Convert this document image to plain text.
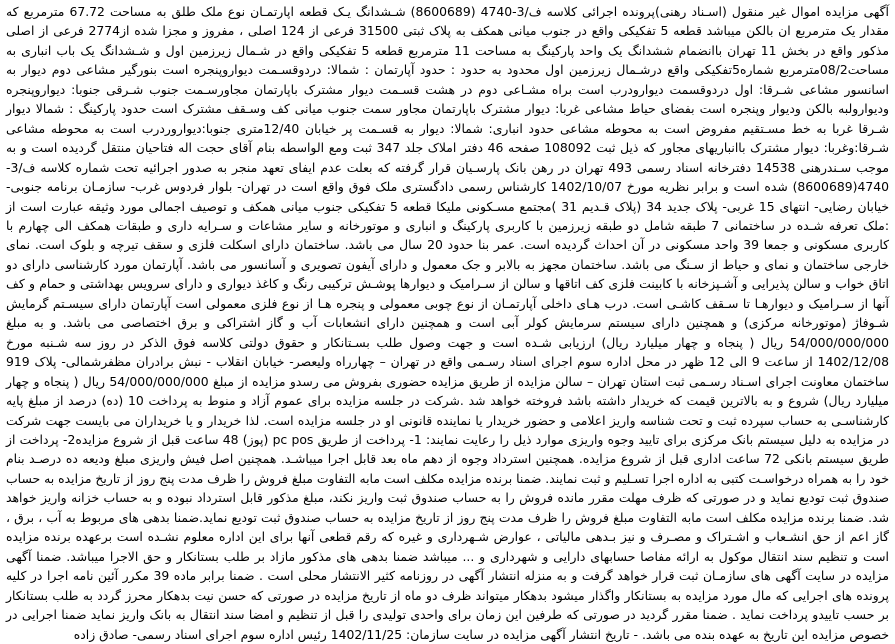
آگهی مزایده اموال غیر منقول (اسـناد رهنی)پرونده اجرائی کلاسه ف/3-4740 (8600689) شـشدانگ یـک قطعه اپارتمـان نوع ملک طلق به مساحت 67.72 مترمربع که مقدار یک مترمربع ان بالکن میباشد قطعه 5 تفکیکی واقع در جنوب میانی همکف به پلاک ثبتی 31500 فرعی از 124 اصلی ، مفروز و مجزا شده از2774 فرعی از اصلی مذکور واقع در بخش 11 تهران باانضمام ششدانگ یک واحد پارکینگ به مساحت 11 مترمربع قطعه 5 تفکیکی واقع در شـمال زیرزمین اول و شـشدانگ یک باب انباری به مساحت08/2مترمربع شماره5تفکیکی واقع درشـمال زیرزمین اول محدود به حدود : حدود آپارتمان : شمالا: دردوقسـمت دیواروپنجره است بنورگیر مشاعی دوم دیوار به اسانسور مشاعی شـرقا: اول دردوقسمت دیوارودرب است براه مشـاعی دوم در هشت قسـمت دیوار مشترک باپارتمان مجاورسـمت جنوب شـرقی جنوبا: دیواروپنجره ودیوارولبه بالکن ودیوار وپنجره است بفضای حیاط مشاعی غربا: دیوار مشترک باپارتمان مجاور سمت جنوب میانی کف وسـقف مشترک است حدود پارکینگ : شمالا دیوار شـرقا غربا به خط مسـتقیم مفروض است به محوطه مشاعی حدود انباری: شمالا: دیوار به قسـمت پر خیابان 12/40متری جنوبا:دیواروردرب است به محوطه مشاعی شـرقا:وغربا: دیوار مشترک باانباریهای مجاور که ذیل ثبت 108092 صفحه 46 دفتر املاک جلد 347 ثبت ومع الواسطه بنام آقای حجت اله فتاحیان منتقل گردیده است و به موجب سـندرهنی 14538 دفترخانه اسناد رسمی 493 تهران در رهن بانک پارسـیان قرار گرفته که بعلت عدم ایفای تعهد منجر به صدور اجرائیه تحت شماره کلاسه ف/3-4740(8600689) شده است و برابر نظریه مورخ 1402/10/07 کارشناس رسمی دادگستری ملک فوق واقع است در تهران- بلوار فردوس غرب- سازمـان برنامه جنوبی- خیابان رضایی- انتهای 15 غربی- پلاک جدید 34 (پلاک قـدیم 31 )مجتمع مسـکونی ملیکا قطعه 5 تفکیکی جنوب میانی همکف و توصیف اجمالی مورد وثیقه عبارت است از :ملک تعرفه شـده در ساختمانی 7 طبقه شامل دو طبقه زیرزمین با کاربری پارکینگ و انباری و موتورخانه و سایر مشاعات و سـرایه داری و طبقات همکف الی چهارم با کاربری مسکونی و جمعا 39 واحد مسکونی در آن احداث گردیده است. عمر بنا حدود 20 سال می باشد. ساختمان دارای اسکلت فلزی و سقف تیرچه و بلوک است. نمای خارجی ساختمان و نمای و حیاط از سـنگ می باشد. ساختمان مجهز به بالابر و جک معمول و دارای آیفون تصویری و آسانسور می باشد. آپارتمان مورد کارشناسی دارای دو اتاق خواب و سالن پذیرایی و آشـپزخانه با کابینت فلزی کف اتاقها و سالن از سـرامیک و دیوارها پوشـش ترکیبی رنگ و کاغذ دیواری و دارای سرویس بهداشتی و حمام و کف آنها از سـرامیک و دیوارهـا تا سـقف کاشـی است. درب هـای داخلی آپارتمـان از نوع چوبی معمولی و پنجره هـا از نوع فلزی معمولی است آپارتمان دارای سیسـتم گرمایش شـوفاژ (موتورخانه مرکزی) و همچنین دارای سیستم سرمایش کولر آبی است و همچنین دارای انشعابات آب و گاز اشتراکی و برق اختصاصی می باشد. و به مبلغ 54/000/000/000 ریال ( پنجاه و چهار میلیارد ریال) ارزیابی شـده است و جهت وصول طلب بسـتانکار و حقوق دولتی کلاسه فوق الذکر در روز سه شـنبه مورخ 1402/12/08 از ساعت 9 الی 12 ظهر در محل اداره سوم اجرای اسناد رسـمی واقع در تهران – چهارراه ولیعصر- خیابان انقلاب - نبش برادران مظفرشمالی- پلاک 919 ساختمان معاونت اجرای اسـناد رسـمی ثبت استان تهران – سالن مزایده از طریق مزایده حضوری بفروش می رسدو مزایده از مبلغ 54/000/000/000 ریال ( پنجاه و چهار میلیارد ریال) شروع و به بالاترین قیمت که خریدار داشته باشد فروخته خواهد شد .شرکت در جلسه مزایده برای عموم آزاد و منوط به پرداخت 10 (ده) درصد از مبلغ پایه کارشناسـی به حساب سپرده ثبت و تحت شناسه واریز اعلامی و حضور خریدار یا نماینده قانونی او در جلسه مزایده است. لذا خریدار و یا خریداران می بایست جهت شرکت در مزایده به دلیل سیستم بانک مرکزی برای تایید وجوه واریزی موارد ذیل را رعایت نمایند: 1- پرداخت از طریق pc pos (پوز) 48 ساعت قبل از شروع مزایده2- پرداخت از طریق سیستم بانکی 72 ساعت اداری قبل از شروع مزایده. همچنین استرداد وجوه از دهم ماه بعد قابل اجرا میباشـد. همچنین اصل فیش واریزی مبلغ ودیعه ده درصـد بنام خود را به همراه درخواسـت کتبی به اداره اجرا تسـلیم و ثبت نمایند. ضمنا برنده مزایده مکلف است مابه التفاوت مبلغ فروش را ظرف مدت پنج روز از تاریخ مزایده به حساب صندوق ثبت تودیع نماید و در صورتی که ظرف مهلت مقرر مانده فروش را به حساب صندوق ثبت واریز نکند، مبلغ مذکور قابل استرداد نبوده و به حساب خزانه واریز خواهد شد. ضمنا برنده مزایده مکلف است مابه التفاوت مبلغ فروش را ظرف مدت پنج روز از تاریخ مزایده به حساب صندوق ثبت تودیع نماید.ضمنا بدهی های مربوط به آب ، برق ، گاز اعم از حق انشـعاب و اشـتراک و مصـرف و نیز بـدهی مالیاتی ، عوارض شـهرداری و غیره که رقم قطعی آنها برای این اداره معلوم نشـده است برعهده برنده مزایده است و تنظیم سند انتقال موکول به ارائه مفاصا حسابهای دارایی و شهرداری و ... میباشد ضمنا بدهی های مذکور مازاد بر طلب بستانکار و حق الاجرا میباشد. ضمنا آگهی مزایده در سایت آگهی های سازمـان ثبت قرار خواهد گرفت و به منزله انتشار آگهی در روزنامه کثیر الانتشار محلی است . ضمنا برابر ماده 39 مکرر آئین نامه اجرا در کلیه پرونده های اجرایی که مال مورد مزایده به بستانکار واگذار میشود بدهکار میتواند ظرف دو ماه از تاریخ مزایده در صورتی که حسن نیت بدهکار محرز گردد به طلب بستانکار بر حسب تاییدو پرداخت نماید . ضمنا مقرر گردید در صورتی که طرفین این زمان برای واحدی تولیدی را قبل از تنظیم و امضا سند انتقال به بانک واریز نماید ضمنا اجرایی در خصوص مزایده این تاریخ به عهده بنده می باشد. - تاریخ انتشار آگهی مزایده در سایت سازمان: 1402/11/25 رئیس اداره سوم اجرای اسناد رسمی- صادق زاده
